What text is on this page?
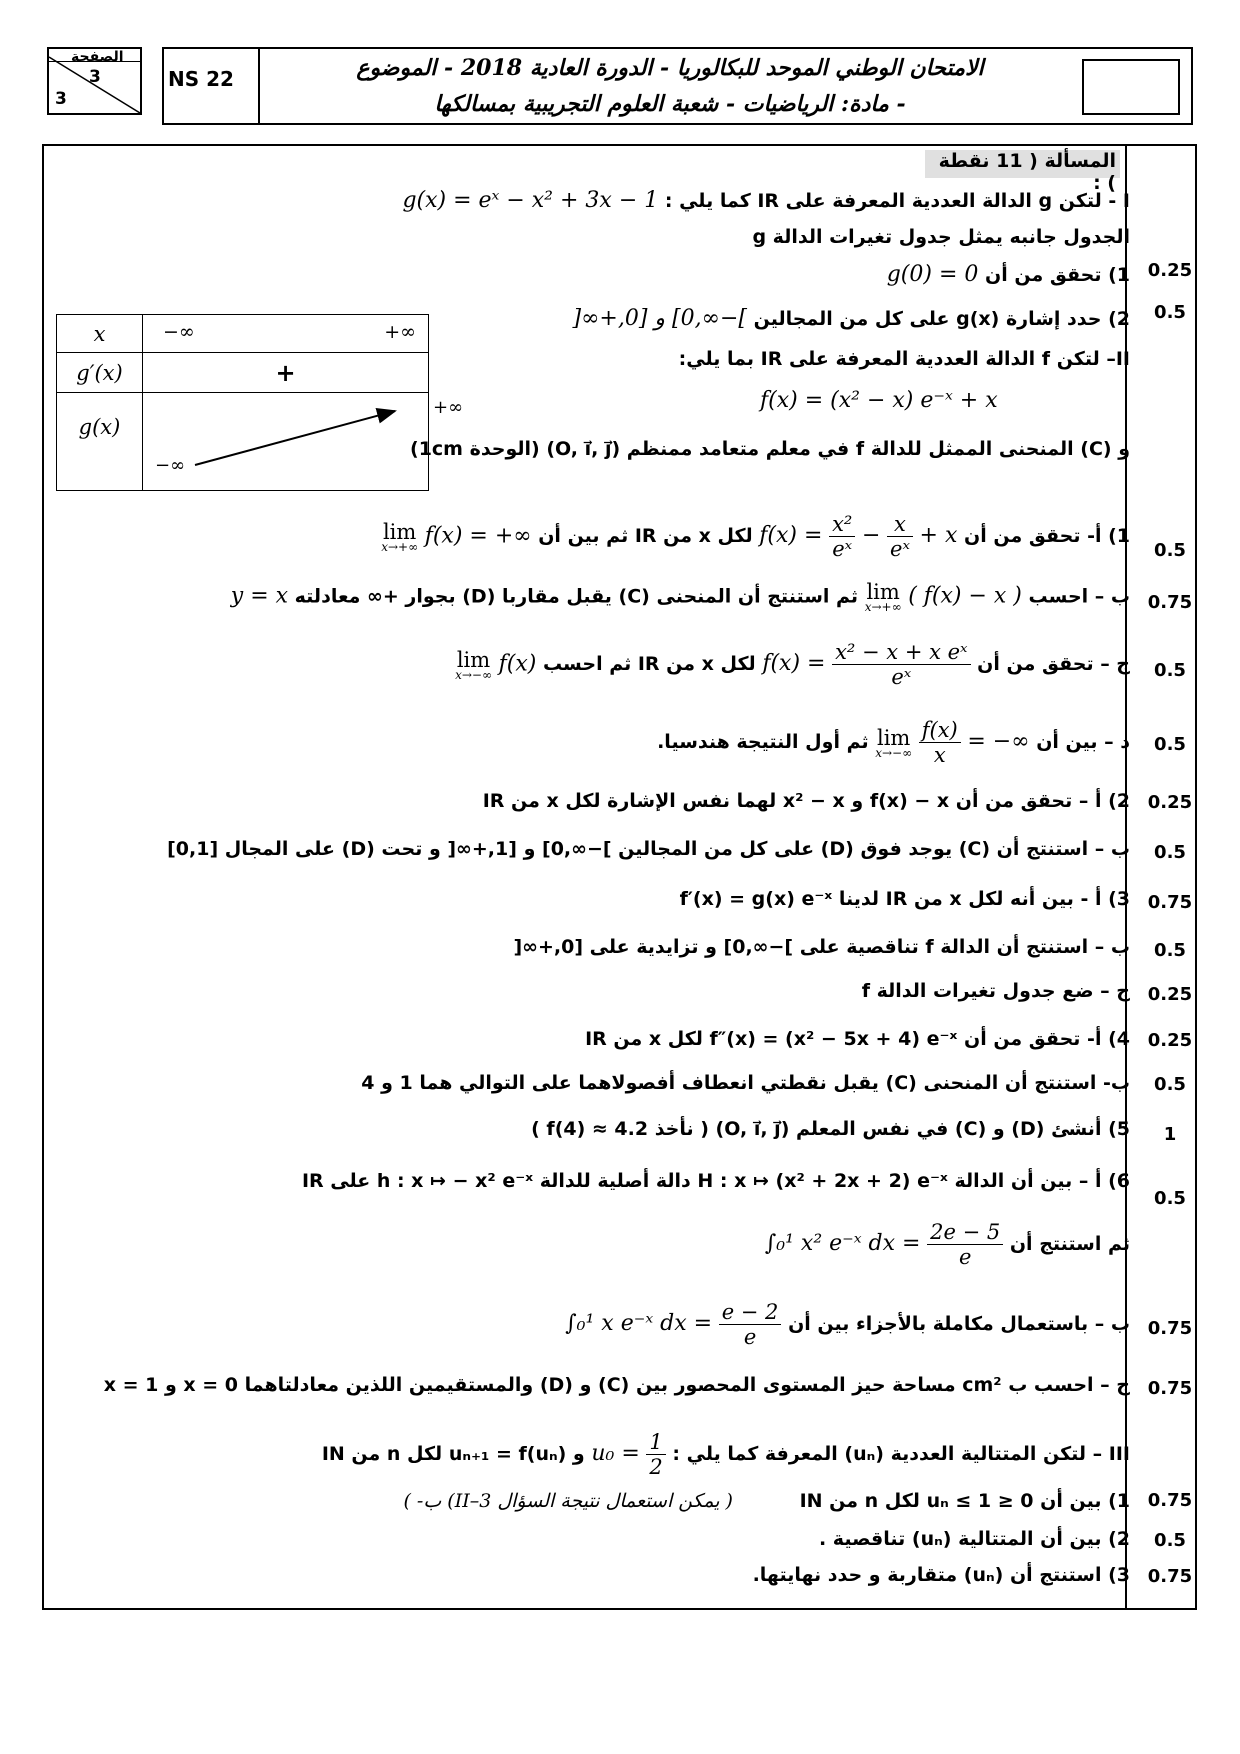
الصفحة
3
3
NS 22	الامتحان الوطني الموحد للبكالوريا - الدورة العادية 2018 - الموضوع
- مادة: الرياضيات - شعبة العلوم التجريبية بمسالكها
المسألة ( 11 نقطة ) :
I - لتكن g الدالة العددية المعرفة على IR كما يلي : g(x) = eˣ − x² + 3x − 1
الجدول جانبه يمثل جدول تغيرات الدالة g
1) تحقق من أن g(0) = 0
2) حدد إشارة g(x) على كل من المجالين ]−∞,0] و [0,+∞[
x	−∞ +∞

g′(x)	+
g(x)	−∞
+∞
II– لتكن f الدالة العددية المعرفة على IR بما يلي:
f(x) = (x² − x) e⁻ˣ + x
و (C) المنحنى الممثل للدالة f في معلم متعامد ممنظم (O, i⃗, j⃗) (الوحدة 1cm)
1) أ- تحقق من أن $f(x) = \frac{\text{x²}}{\text{eˣ}} - \frac{x}{\text{eˣ}} + x$ لكل x من IR ثم بين أن
lim
x→+∞ f(x) = +∞
ب – احسب
lim
x→+∞ ( f(x) − x ) ثم استنتج أن المنحنى (C) يقبل مقاربا (D) بجوار +∞ معادلته y = x
ج – تحقق من أن $f(x) = \frac{\text{x² − x + x eˣ}}{\text{eˣ}}$
لكل x من IR ثم احسب
lim
x→−∞ f(x)
د – بين أن
lim
x→−∞
$\frac{f(x)}{x}$ = −∞ ثم أول النتيجة هندسيا.
2) أ – تحقق من أن f(x) − x و x² − x لهما نفس الإشارة لكل x من IR
ب – استنتج أن (C) يوجد فوق (D) على كل من المجالين ]−∞,0] و [1,+∞[ و تحت (D) على المجال [0,1]
3) أ - بين أنه لكل x من IR لدينا f′(x) = g(x) e⁻ˣ
ب – استنتج أن الدالة f تناقصية على ]−∞,0] و تزايدية على [0,+∞[
ج – ضع جدول تغيرات الدالة f
4) أ- تحقق من أن f″(x) = (x² − 5x + 4) e⁻ˣ لكل x من IR
ب- استنتج أن المنحنى (C) يقبل نقطتي انعطاف أفصولاهما على التوالي هما 1 و 4
5) أنشئ (D) و (C) في نفس المعلم (O, i⃗, j⃗) ( نأخذ f(4) ≈ 4.2 )
6) أ – بين أن الدالة H : x ↦ (x² + 2x + 2) e⁻ˣ دالة أصلية للدالة h : x ↦ − x² e⁻ˣ على IR
ثم استنتج أن ∫₀¹ x² e⁻ˣ dx = $\frac{2e - 5}{e}$
ب – باستعمال مكاملة بالأجزاء بين أن ∫₀¹ x e⁻ˣ dx = $\frac{e - 2}{e}$
ج – احسب ب cm² مساحة حيز المستوى المحصور بين (C) و (D) والمستقيمين اللذين معادلتاهما x = 0 و x = 1
III – لتكن المتتالية العددية (uₙ) المعرفة كما يلي : $u_0 = \frac{1}{2}$
و uₙ₊₁ = f(uₙ) لكل n من IN
1) بين أن 0 ≤ uₙ ≤ 1 لكل n من IN ( يمكن استعمال نتيجة السؤال II–3) ب- )
2) بين أن المتتالية (uₙ) تناقصية .
3) استنتج أن (uₙ) متقاربة و حدد نهايتها.
0.25
0.5
0.5
0.75
0.5
0.5
0.25
0.5
0.75
0.5
0.25
0.25
0.5
1
0.5
0.75
0.75
0.75
0.5
0.75
